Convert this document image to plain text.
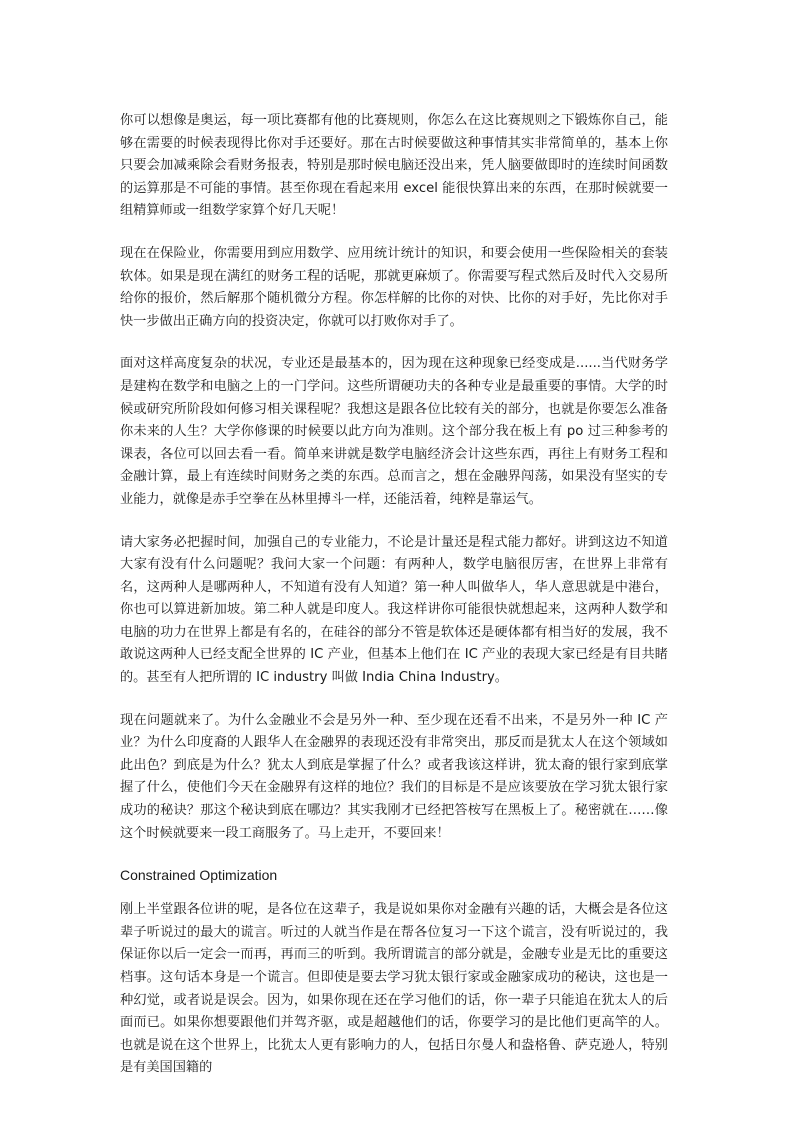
你可以想像是奥运，每一项比赛都有他的比赛规则，你怎么在这比赛规则之下锻炼你自己，能够在需要的时候表现得比你对手还要好。那在古时候要做这种事情其实非常简单的，基本上你只要会加减乘除会看财务报表，特别是那时候电脑还没出来，凭人脑要做即时的连续时间函数的运算那是不可能的事情。甚至你现在看起来用 excel 能很快算出来的东西，在那时候就要一组精算师或一组数学家算个好几天呢！

现在在保险业，你需要用到应用数学、应用统计统计的知识，和要会使用一些保险相关的套装软体。如果是现在满红的财务工程的话呢，那就更麻烦了。你需要写程式然后及时代入交易所给你的报价，然后解那个随机微分方程。你怎样解的比你的对快、比你的对手好，先比你对手快一步做出正确方向的投资决定，你就可以打败你对手了。

面对这样高度复杂的状况，专业还是最基本的，因为现在这种现象已经变成是......当代财务学是建构在数学和电脑之上的一门学问。这些所谓硬功夫的各种专业是最重要的事情。大学的时候或研究所阶段如何修习相关课程呢？我想这是跟各位比较有关的部分，也就是你要怎么准备你未来的人生？大学你修课的时候要以此方向为准则。这个部分我在板上有 po 过三种参考的课表，各位可以回去看一看。简单来讲就是数学电脑经济会计这些东西，再往上有财务工程和金融计算，最上有连续时间财务之类的东西。总而言之，想在金融界闯荡，如果没有坚实的专业能力，就像是赤手空拳在丛林里搏斗一样，还能活着，纯粹是靠运气。

请大家务必把握时间，加强自己的专业能力，不论是计量还是程式能力都好。讲到这边不知道大家有没有什么问题呢？我问大家一个问题：有两种人，数学电脑很厉害，在世界上非常有名，这两种人是哪两种人，不知道有没有人知道？第一种人叫做华人，华人意思就是中港台，你也可以算进新加坡。第二种人就是印度人。我这样讲你可能很快就想起来，这两种人数学和电脑的功力在世界上都是有名的，在硅谷的部分不管是软体还是硬体都有相当好的发展，我不敢说这两种人已经支配全世界的 IC 产业，但基本上他们在 IC 产业的表现大家已经是有目共睹的。甚至有人把所谓的 IC industry 叫做 India China Industry。

现在问题就来了。为什么金融业不会是另外一种、至少现在还看不出来，不是另外一种 IC 产业？为什么印度裔的人跟华人在金融界的表现还没有非常突出，那反而是犹太人在这个领域如此出色？到底是为什么？犹太人到底是掌握了什么？或者我该这样讲，犹太裔的银行家到底掌握了什么，使他们今天在金融界有这样的地位？我们的目标是不是应该要放在学习犹太银行家成功的秘诀？那这个秘诀到底在哪边？其实我刚才已经把答桉写在黑板上了。秘密就在……像这个时候就要来一段工商服务了。马上走开，不要回来！

Constrained Optimization

刚上半堂跟各位讲的呢，是各位在这辈子，我是说如果你对金融有兴趣的话，大概会是各位这辈子听说过的最大的谎言。听过的人就当作是在帮各位复习一下这个谎言，没有听说过的，我保证你以后一定会一而再，再而三的听到。我所谓谎言的部分就是，金融专业是无比的重要这档事。这句话本身是一个谎言。但即使是要去学习犹太银行家或金融家成功的秘诀，这也是一种幻觉，或者说是误会。因为，如果你现在还在学习他们的话，你一辈子只能追在犹太人的后面而已。如果你想要跟他们并驾齐驱，或是超越他们的话，你要学习的是比他们更高竿的人。也就是说在这个世界上，比犹太人更有影响力的人，包括日尔曼人和盎格鲁、萨克逊人，特别是有美国国籍的
